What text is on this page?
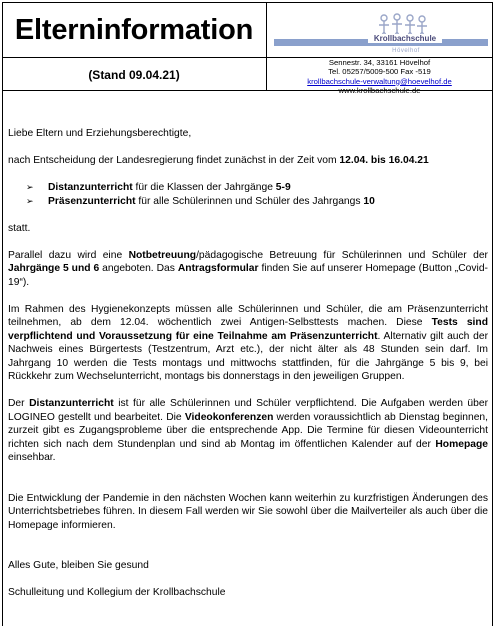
Elterninformation
(Stand 09.04.21)
Krollbachschule
Hövelhof
Sennestr. 34, 33161 Hövelhof
Tel. 05257/5009-500 Fax -519
krollbachschule-verwaltung@hoevelhof.de
www.krollbachschule.de

Liebe Eltern und Erziehungsberechtigte,

nach Entscheidung der Landesregierung findet zunächst in der Zeit vom 12.04. bis 16.04.21

➢ Distanzunterricht für die Klassen der Jahrgänge 5-9
➢ Präsenzunterricht für alle Schülerinnen und Schüler des Jahrgangs 10

statt.

Parallel dazu wird eine Notbetreuung/pädagogische Betreuung für Schülerinnen und Schüler der Jahrgänge 5 und 6 angeboten. Das Antragsformular finden Sie auf unserer Homepage (Button „Covid-19“).

Im Rahmen des Hygienekonzepts müssen alle Schülerinnen und Schüler, die am Präsenzunterricht teilnehmen, ab dem 12.04. wöchentlich zwei Antigen-Selbsttests machen. Diese Tests sind verpflichtend und Voraussetzung für eine Teilnahme am Präsenzunterricht. Alternativ gilt auch der Nachweis eines Bürgertests (Testzentrum, Arzt etc.), der nicht älter als 48 Stunden sein darf. Im Jahrgang 10 werden die Tests montags und mittwochs stattfinden, für die Jahrgänge 5 bis 9, bei Rückkehr zum Wechselunterricht, montags bis donnerstags in den jeweiligen Gruppen.

Der Distanzunterricht ist für alle Schülerinnen und Schüler verpflichtend. Die Aufgaben werden über LOGINEO gestellt und bearbeitet. Die Videokonferenzen werden voraussichtlich ab Dienstag beginnen, zurzeit gibt es Zugangsprobleme über die entsprechende App. Die Termine für diesen Videounterricht richten sich nach dem Stundenplan und sind ab Montag im öffentlichen Kalender auf der Homepage einsehbar.

Die Entwicklung der Pandemie in den nächsten Wochen kann weiterhin zu kurzfristigen Änderungen des Unterrichtsbetriebes führen. In diesem Fall werden wir Sie sowohl über die Mailverteiler als auch über die Homepage informieren.

Alles Gute, bleiben Sie gesund

Schulleitung und Kollegium der Krollbachschule
